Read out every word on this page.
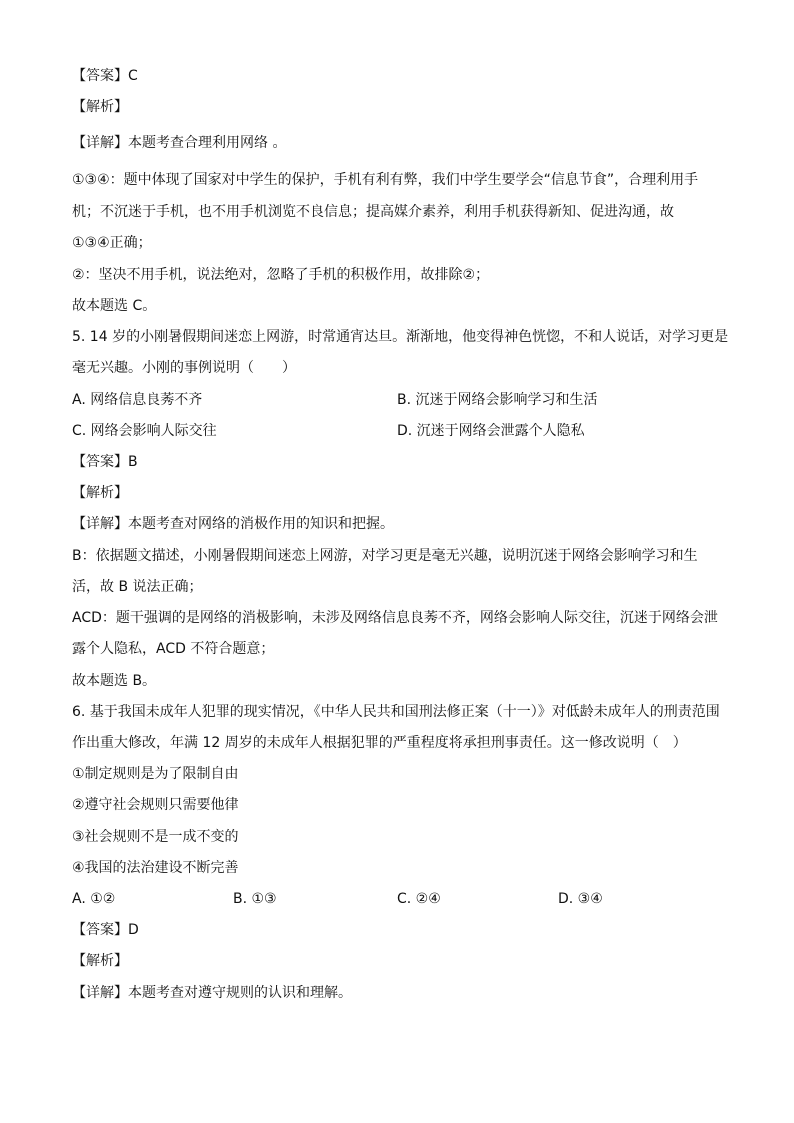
【答案】C
【解析】
【详解】本题考查合理利用网络 。
①③④：题中体现了国家对中学生的保护，手机有利有弊，我们中学生要学会“信息节食”，合理利用手
机；不沉迷于手机，也不用手机浏览不良信息；提高媒介素养，利用手机获得新知、促进沟通，故
①③④正确；
②：坚决不用手机，说法绝对，忽略了手机的积极作用，故排除②；
故本题选 C。
5. 14 岁的小刚暑假期间迷恋上网游，时常通宵达旦。渐渐地，他变得神色恍惚，不和人说话，对学习更是
毫无兴趣。小刚的事例说明（　　）
A. 网络信息良莠不齐	B. 沉迷于网络会影响学习和生活
C. 网络会影响人际交往	D. 沉迷于网络会泄露个人隐私
【答案】B
【解析】
【详解】本题考查对网络的消极作用的知识和把握。
B：依据题文描述，小刚暑假期间迷恋上网游，对学习更是毫无兴趣，说明沉迷于网络会影响学习和生
活，故 B 说法正确；
ACD：题干强调的是网络的消极影响，未涉及网络信息良莠不齐，网络会影响人际交往，沉迷于网络会泄
露个人隐私，ACD 不符合题意；
故本题选 B。
6. 基于我国未成年人犯罪的现实情况，《中华人民共和国刑法修正案（十一）》对低龄未成年人的刑责范围
作出重大修改，年满 12 周岁的未成年人根据犯罪的严重程度将承担刑事责任。这一修改说明（　）
①制定规则是为了限制自由
②遵守社会规则只需要他律
③社会规则不是一成不变的
④我国的法治建设不断完善
A. ①②	B. ①③	C. ②④	D. ③④
【答案】D
【解析】
【详解】本题考查对遵守规则的认识和理解。
